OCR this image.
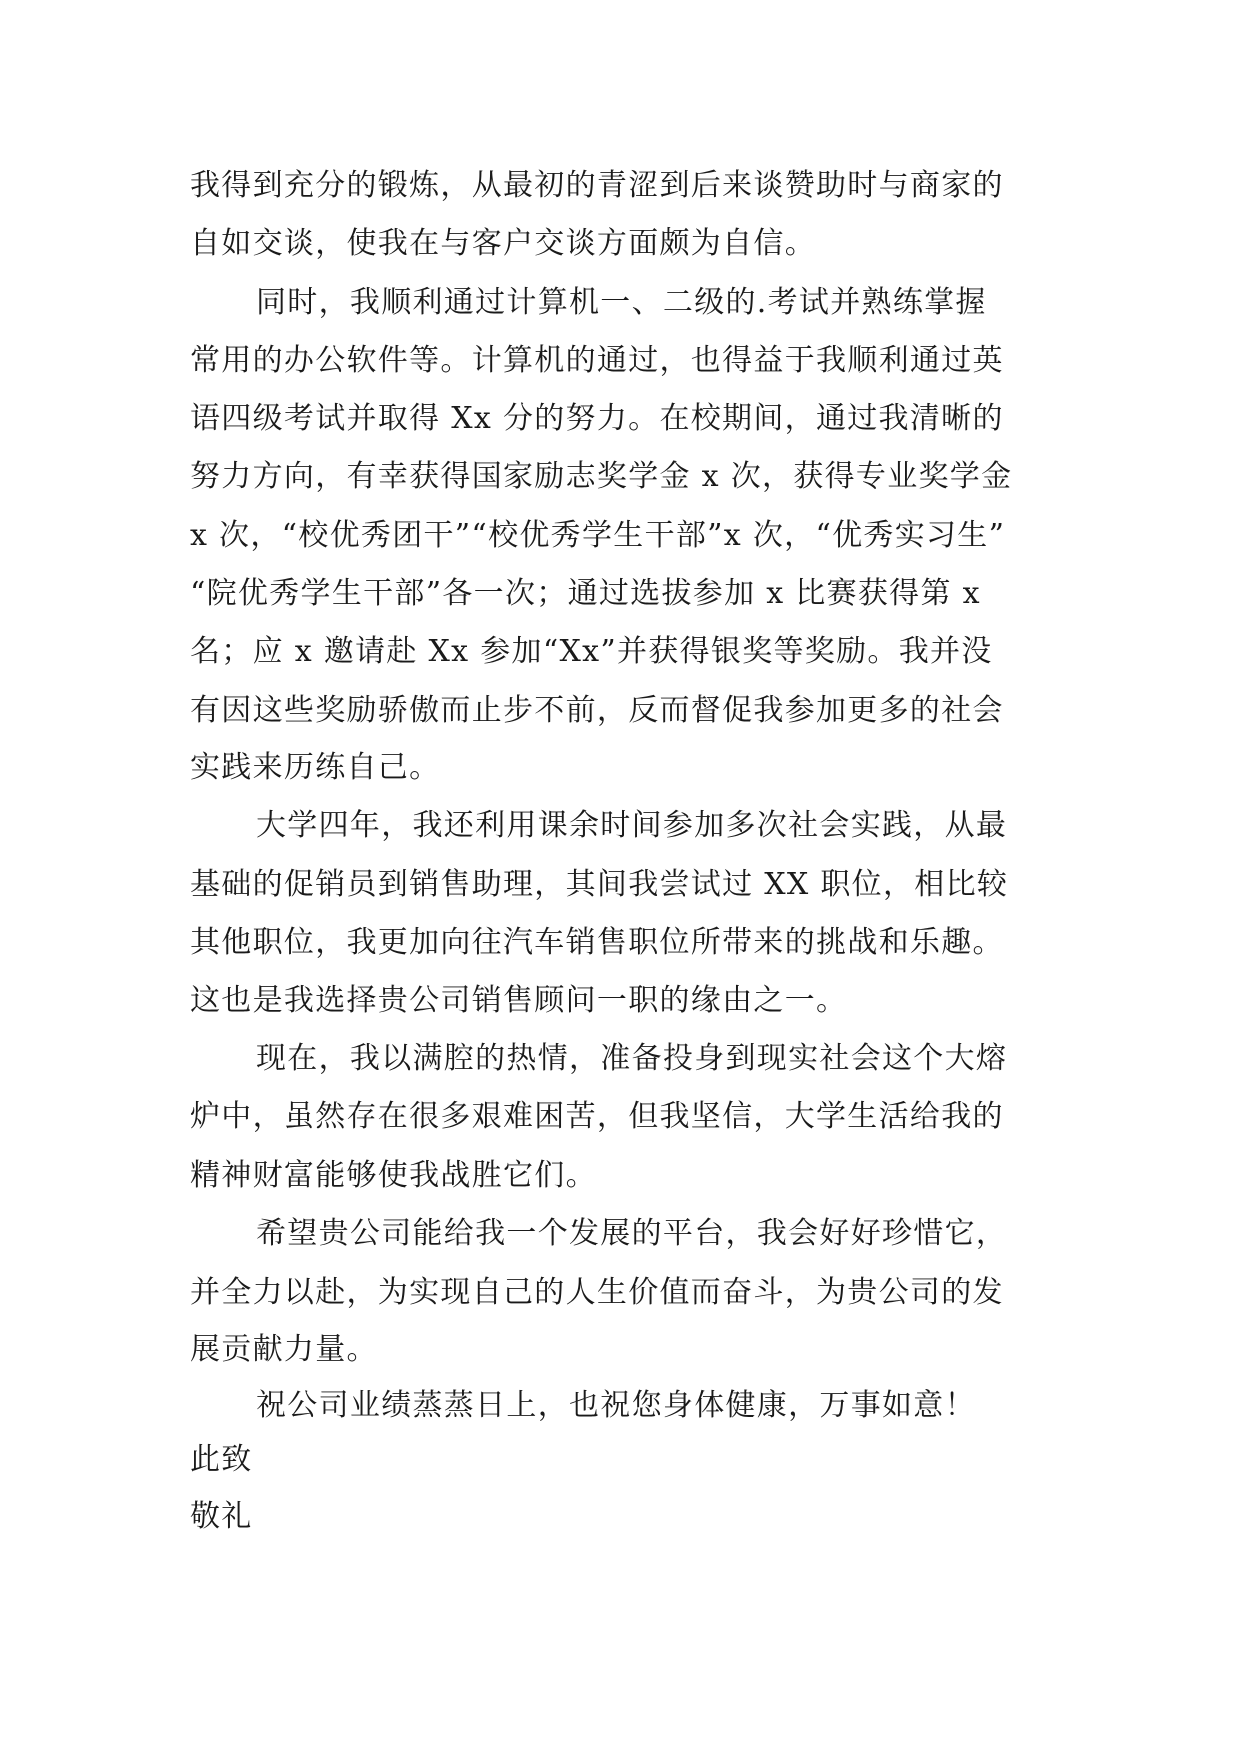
我得到充分的锻炼，从最初的青涩到后来谈赞助时与商家的
自如交谈，使我在与客户交谈方面颇为自信。
同时，我顺利通过计算机一、二级的.考试并熟练掌握
常用的办公软件等。计算机的通过，也得益于我顺利通过英
语四级考试并取得 Xx 分的努力。在校期间，通过我清晰的
努力方向，有幸获得国家励志奖学金 x 次，获得专业奖学金
x 次，“校优秀团干”“校优秀学生干部”x 次，“优秀实习生”
“院优秀学生干部”各一次；通过选拔参加 x 比赛获得第 x
名；应 x 邀请赴 Xx 参加“Xx”并获得银奖等奖励。我并没
有因这些奖励骄傲而止步不前，反而督促我参加更多的社会
实践来历练自己。
大学四年，我还利用课余时间参加多次社会实践，从最
基础的促销员到销售助理，其间我尝试过 XX 职位，相比较
其他职位，我更加向往汽车销售职位所带来的挑战和乐趣。
这也是我选择贵公司销售顾问一职的缘由之一。
现在，我以满腔的热情，准备投身到现实社会这个大熔
炉中，虽然存在很多艰难困苦，但我坚信，大学生活给我的
精神财富能够使我战胜它们。
希望贵公司能给我一个发展的平台，我会好好珍惜它，
并全力以赴，为实现自己的人生价值而奋斗，为贵公司的发
展贡献力量。
祝公司业绩蒸蒸日上，也祝您身体健康，万事如意！
此致
敬礼
